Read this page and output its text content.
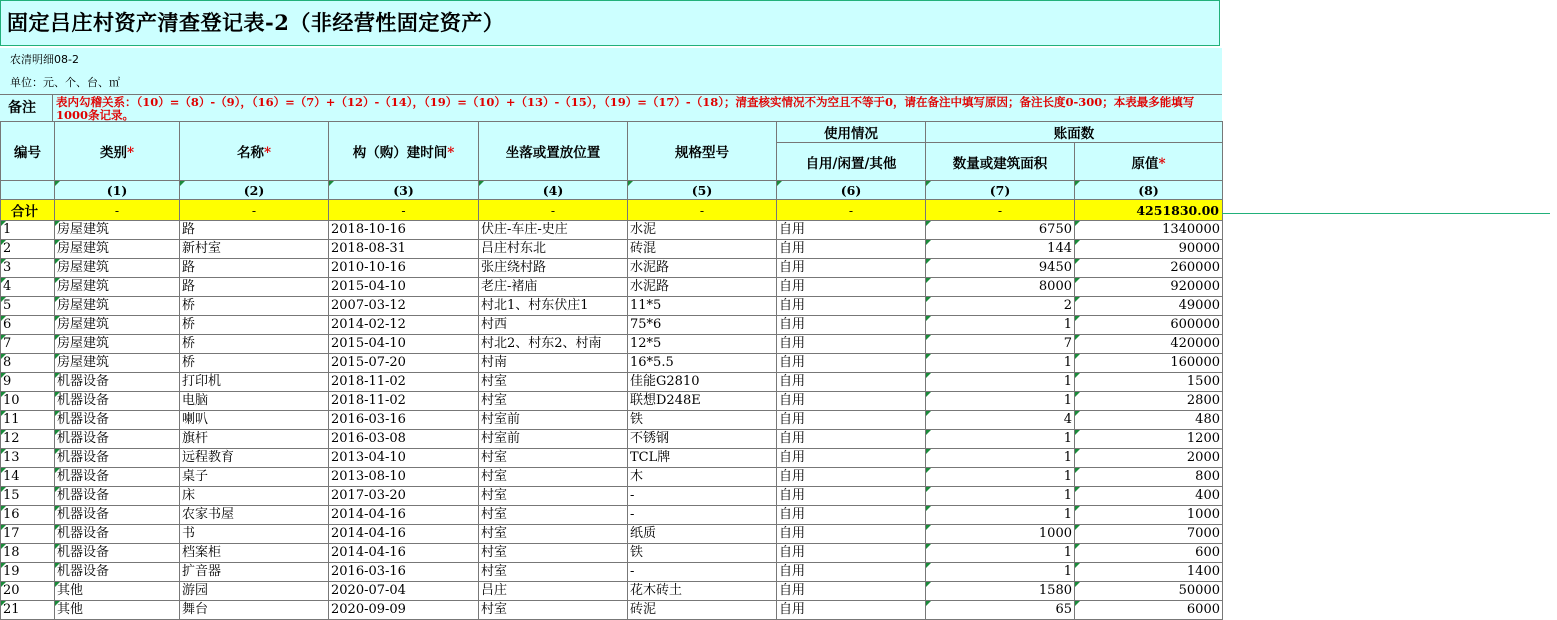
固定吕庄村资产清查登记表-2（非经营性固定资产）
农清明细08-2
单位：元、个、台、㎡
备注	表内勾稽关系：（10）=（8）-（9），（16）=（7）+（12）-（14），（19）=（10）+（13）-（15），（19）=（17）-（18）；清查核实情况不为空且不等于0，请在备注中填写原因；备注长度0-300；本表最多能填写1000条记录。
编号	类别*	名称*	构（购）建时间*	坐落或置放位置	规格型号	使用情况	账面数	
						自用/闲置/其他	数量或建筑面积	原值*
	(1)	(2)	(3)	(4)	(5)	(6)	(7)	(8)
合计	-	-	-	-	-	-	-	4251830.00
1	房屋建筑	路	2018-10-16	伏庄-车庄-史庄	水泥	自用	6750	1340000
2	房屋建筑	新村室	2018-08-31	吕庄村东北	砖混	自用	144	90000
3	房屋建筑	路	2010-10-16	张庄绕村路	水泥路	自用	9450	260000
4	房屋建筑	路	2015-04-10	老庄-褚庙	水泥路	自用	8000	920000
5	房屋建筑	桥	2007-03-12	村北1、村东伏庄1	11*5	自用	2	49000
6	房屋建筑	桥	2014-02-12	村西	75*6	自用	1	600000
7	房屋建筑	桥	2015-04-10	村北2、村东2、村南	12*5	自用	7	420000
8	房屋建筑	桥	2015-07-20	村南	16*5.5	自用	1	160000
9	机器设备	打印机	2018-11-02	村室	佳能G2810	自用	1	1500
10	机器设备	电脑	2018-11-02	村室	联想D248E	自用	1	2800
11	机器设备	喇叭	2016-03-16	村室前	铁	自用	4	480
12	机器设备	旗杆	2016-03-08	村室前	不锈钢	自用	1	1200
13	机器设备	远程教育	2013-04-10	村室	TCL牌	自用	1	2000
14	机器设备	桌子	2013-08-10	村室	木	自用	1	800
15	机器设备	床	2017-03-20	村室	-	自用	1	400
16	机器设备	农家书屋	2014-04-16	村室	-	自用	1	1000
17	机器设备	书	2014-04-16	村室	纸质	自用	1000	7000
18	机器设备	档案柜	2014-04-16	村室	铁	自用	1	600
19	机器设备	扩音器	2016-03-16	村室	-	自用	1	1400
20	其他	游园	2020-07-04	吕庄	花木砖土	自用	1580	50000
21	其他	舞台	2020-09-09	村室	砖泥	自用	65	6000
